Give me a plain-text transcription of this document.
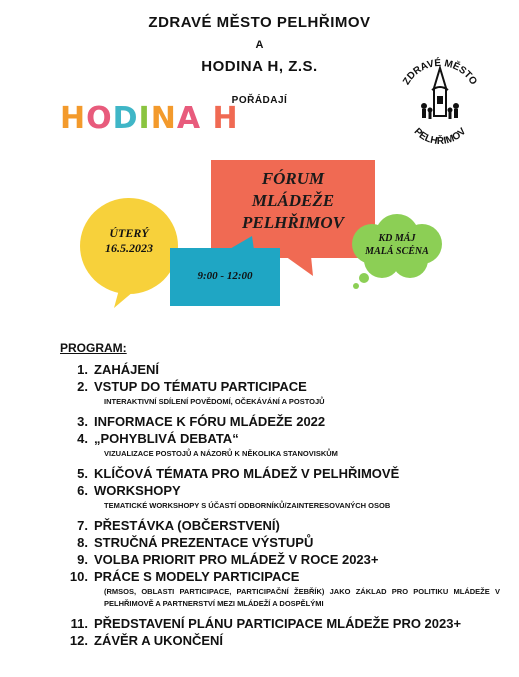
ZDRAVÉ MĚSTO PELHŘIMOV
A
HODINA H, Z.S.
POŘÁDAJÍ
HODINA H
ZDRAVÉ MĚSTO
PELHŘIMOV
FÓRUM
MLÁDEŽE
PELHŘIMOV
ÚTERÝ
16.5.2023
9:00 - 12:00
KD MÁJ
MALÁ SCÉNA
PROGRAM:
1. ZAHÁJENÍ
2. VSTUP DO TÉMATU PARTICIPACE
INTERAKTIVNÍ SDÍLENÍ POVĚDOMÍ, OČEKÁVÁNÍ A POSTOJŮ
3. INFORMACE K FÓRU MLÁDEŽE 2022
4. „POHYBLIVÁ DEBATA“
VIZUALIZACE POSTOJŮ A NÁZORŮ K NĚKOLIKA STANOVISKŮM
5. KLÍČOVÁ TÉMATA PRO MLÁDEŽ V PELHŘIMOVĚ
6. WORKSHOPY
TEMATICKÉ WORKSHOPY S ÚČASTÍ ODBORNÍKŮ/ZAINTERESOVANÝCH OSOB
7. PŘESTÁVKA (OBČERSTVENÍ)
8. STRUČNÁ PREZENTACE VÝSTUPŮ
9. VOLBA PRIORIT PRO MLÁDEŽ V ROCE 2023+
10. PRÁCE S MODELY PARTICIPACE
(RMSOS, OBLASTI PARTICIPACE, PARTICIPAČNÍ ŽEBŘÍK) JAKO ZÁKLAD PRO POLITIKU MLÁDEŽE V PELHŘIMOVĚ A PARTNERSTVÍ MEZI MLÁDEŽÍ A DOSPĚLÝMI
11. PŘEDSTAVENÍ PLÁNU PARTICIPACE MLÁDEŽE PRO 2023+
12. ZÁVĚR A UKONČENÍ
